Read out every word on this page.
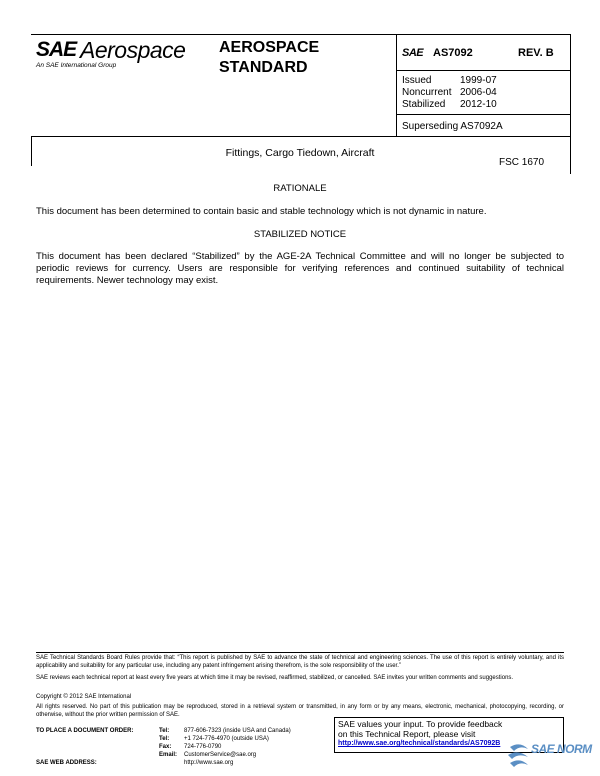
SAE Aerospace
An SAE International Group
AEROSPACE STANDARD
SAE AS7092	REV. B
Issued	1999-07
Noncurrent 2006-04
Stabilized	2012-10
Superseding AS7092A
Fittings, Cargo Tiedown, Aircraft
FSC 1670
RATIONALE
This document has been determined to contain basic and stable technology which is not dynamic in nature.
STABILIZED NOTICE
This document has been declared “Stabilized” by the AGE-2A Technical Committee and will no longer be subjected to periodic reviews for currency. Users are responsible for verifying references and continued suitability of technical requirements. Newer technology may exist.
SAE Technical Standards Board Rules provide that: “This report is published by SAE to advance the state of technical and engineering sciences. The use of this report is entirely voluntary, and its applicability and suitability for any particular use, including any patent infringement arising therefrom, is the sole responsibility of the user.”
SAE reviews each technical report at least every five years at which time it may be revised, reaffirmed, stabilized, or cancelled. SAE invites your written comments and suggestions.
Copyright © 2012 SAE International
All rights reserved. No part of this publication may be reproduced, stored in a retrieval system or transmitted, in any form or by any means, electronic, mechanical, photocopying, recording, or otherwise, without the prior written permission of SAE.
TO PLACE A DOCUMENT ORDER:	Tel:	877-606-7323 (inside USA and Canada)
Tel:	+1 724-776-4970 (outside USA)
Fax:	724-776-0790
Email:	CustomerService@sae.org
SAE WEB ADDRESS:	http://www.sae.org
SAE values your input. To provide feedback
on this Technical Report, please visit
http://www.sae.org/technical/standards/AS7092B	SAE NORM
